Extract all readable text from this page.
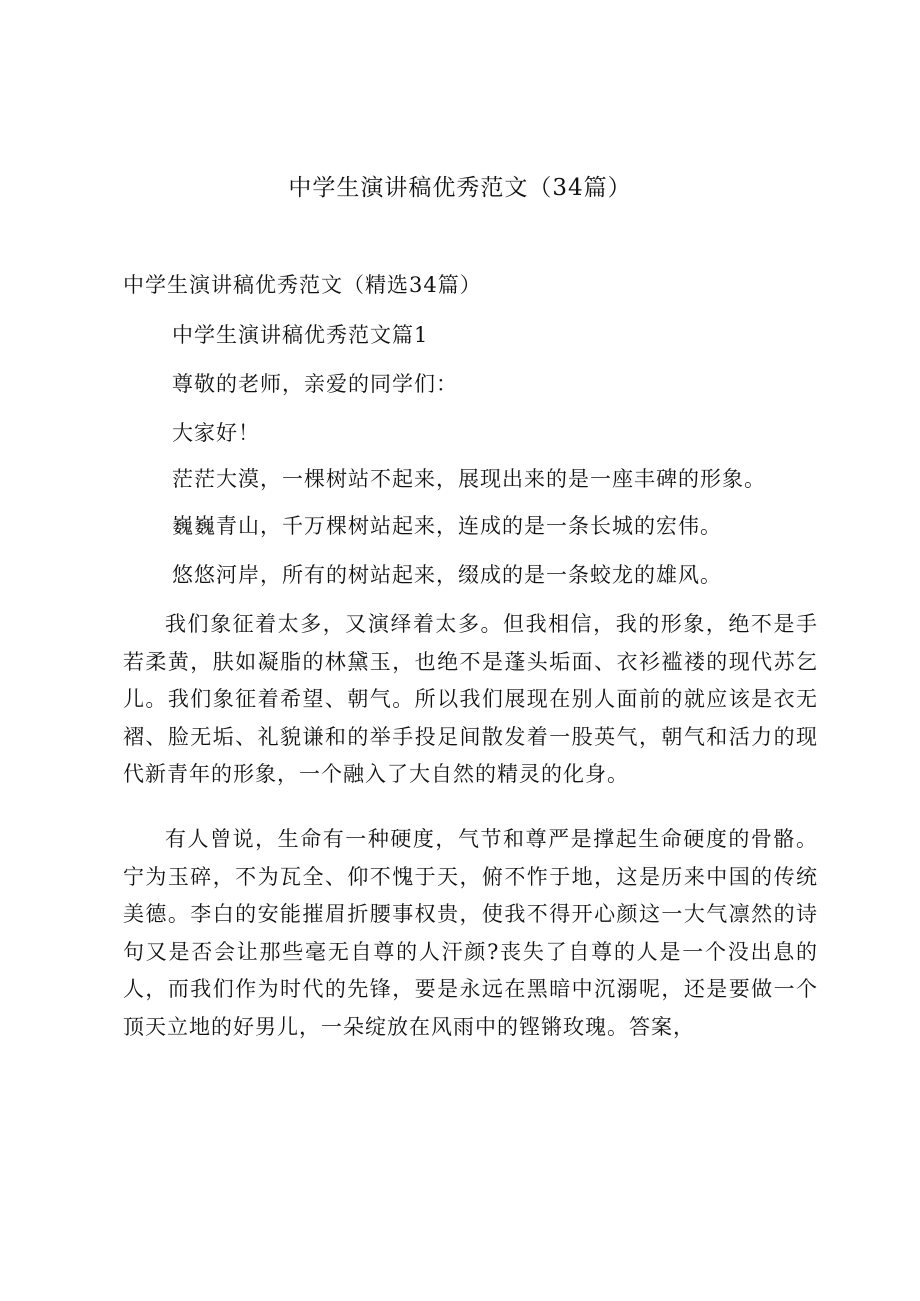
中学生演讲稿优秀范文（34篇）
中学生演讲稿优秀范文（精选34篇）
中学生演讲稿优秀范文篇1
尊敬的老师，亲爱的同学们：
大家好！
茫茫大漠，一棵树站不起来，展现出来的是一座丰碑的形象。
巍巍青山，千万棵树站起来，连成的是一条长城的宏伟。
悠悠河岸，所有的树站起来，缀成的是一条蛟龙的雄风。
我们象征着太多，又演绎着太多。但我相信，我的形象，绝不是手若柔黄，肤如凝脂的林黛玉，也绝不是蓬头垢面、衣衫褴褛的现代苏乞儿。我们象征着希望、朝气。所以我们展现在别人面前的就应该是衣无褶、脸无垢、礼貌谦和的举手投足间散发着一股英气，朝气和活力的现代新青年的形象，一个融入了大自然的精灵的化身。
有人曾说，生命有一种硬度，气节和尊严是撑起生命硬度的骨骼。宁为玉碎，不为瓦全、仰不愧于天，俯不怍于地，这是历来中国的传统美德。李白的安能摧眉折腰事权贵，使我不得开心颜这一大气凛然的诗句又是否会让那些毫无自尊的人汗颜?丧失了自尊的人是一个没出息的人，而我们作为时代的先锋，要是永远在黑暗中沉溺呢，还是要做一个顶天立地的好男儿，一朵绽放在风雨中的铿锵玫瑰。答案，
